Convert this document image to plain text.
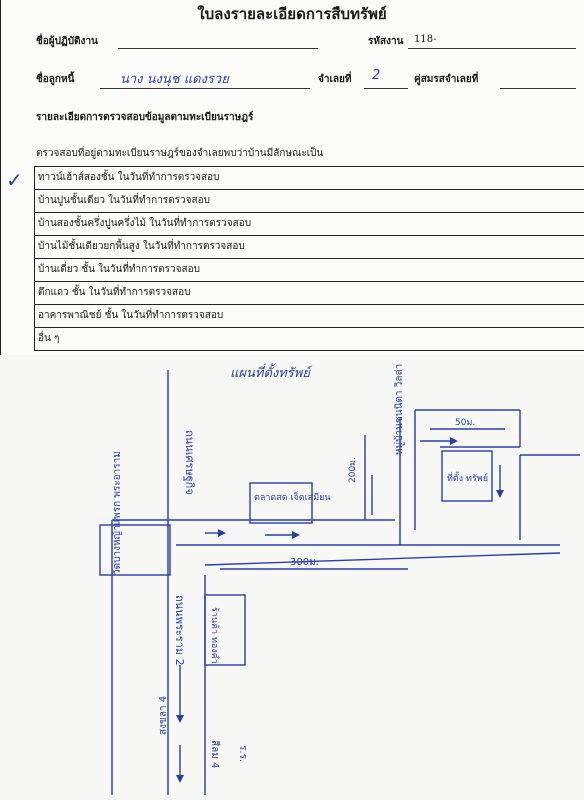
ใบลงรายละเอียดการสืบทรัพย์
ชื่อผู้ปฏิบัติงาน	รหัสงาน 118-
ชื่อลูกหนี้	นาง นงนุช แดงรวย	จำเลยที่ 2	คู่สมรสจำเลยที่
รายละเอียดการตรวจสอบข้อมูลตามทะเบียนราษฎร์
ตรวจสอบที่อยู่ตามทะเบียนราษฎร์ของจำเลยพบว่าบ้านมีลักษณะเป็น
ทาวน์เฮ้าส์สองชั้น ในวันที่ทำการตรวจสอบ
บ้านปูนชั้นเดียว ในวันที่ทำการตรวจสอบ
บ้านสองชั้นครึ่งปูนครึ่งไม้ ในวันที่ทำการตรวจสอบ
บ้านไม้ชั้นเดียวยกพื้นสูง ในวันที่ทำการตรวจสอบ
บ้านเดี่ยว ชั้น ในวันที่ทำการตรวจสอบ
ตึกแถว ชั้น ในวันที่ทำการตรวจสอบ
อาคารพาณิชย์ ชั้น ในวันที่ทำการตรวจสอบ
อื่น ๆ
✓
แผนที่ตั้งทรัพย์
ถนนเศรษฐกิจ
วัดบางหญ้าแพรก พระอาราม
ถนนพระราม 2
ตลาดสด เจ็ดเสมียน
หมู่บ้านชนนิดา วิลล่า
300ม.
200ม.
50ม.
ที่ตั้ง ทรัพย์
ร้านค้า ทองคำ
สงขลา 4
สีลม 4 ร.ร.
